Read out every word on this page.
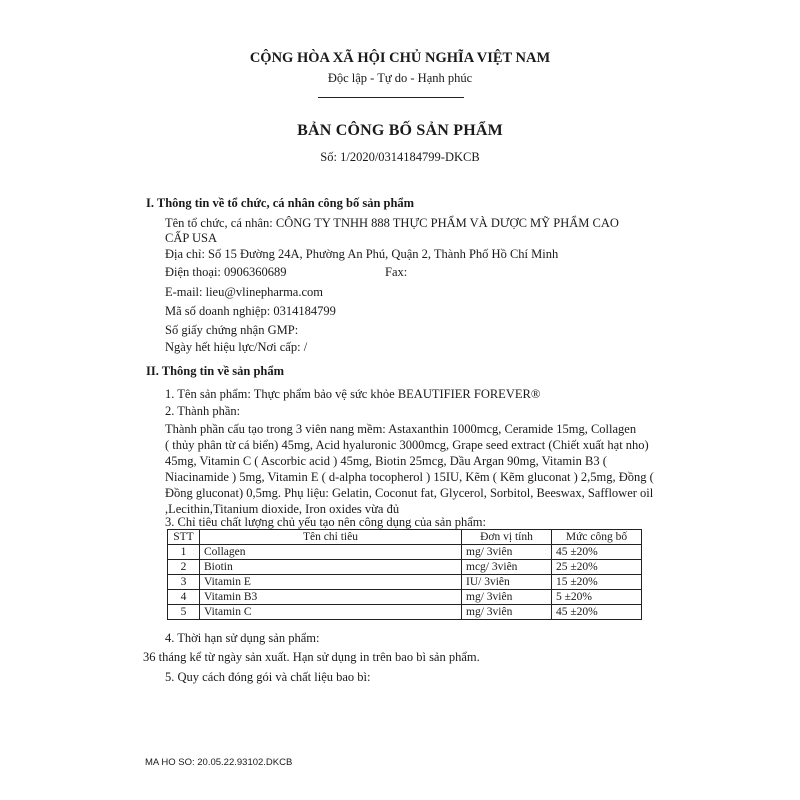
CỘNG HÒA XÃ HỘI CHỦ NGHĨA VIỆT NAM
Độc lập - Tự do - Hạnh phúc
BẢN CÔNG BỐ SẢN PHẨM
Số: 1/2020/0314184799-DKCB
I. Thông tin về tổ chức, cá nhân công bố sản phẩm
Tên tổ chức, cá nhân: CÔNG TY TNHH 888 THỰC PHẨM VÀ DƯỢC MỸ PHẨM CAO
CẤP USA
Địa chỉ: Số 15 Đường 24A, Phường An Phú, Quận 2, Thành Phố Hồ Chí Minh
Điện thoại: 0906360689	Fax:
E-mail: lieu@vlinepharma.com
Mã số doanh nghiệp: 0314184799
Số giấy chứng nhận GMP:
Ngày hết hiệu lực/Nơi cấp: /
II. Thông tin về sản phẩm
1. Tên sản phẩm: Thực phẩm bảo vệ sức khỏe BEAUTIFIER FOREVER®
2. Thành phần:
Thành phần cấu tạo trong 3 viên nang mềm: Astaxanthin 1000mcg, Ceramide 15mg, Collagen
( thủy phân từ cá biển) 45mg, Acid hyaluronic 3000mcg, Grape seed extract (Chiết xuất hạt nho)
45mg, Vitamin C ( Ascorbic acid ) 45mg, Biotin 25mcg, Dầu Argan 90mg, Vitamin B3 (
Niacinamide ) 5mg, Vitamin E ( d-alpha tocopherol ) 15IU, Kẽm ( Kẽm gluconat ) 2,5mg, Đồng (
Đồng gluconat) 0,5mg. Phụ liệu: Gelatin, Coconut fat, Glycerol, Sorbitol, Beeswax, Safflower oil
,Lecithin,Titanium dioxide, Iron oxides vừa đủ
3. Chỉ tiêu chất lượng chủ yếu tạo nên công dụng của sản phẩm:
STT	Tên chỉ tiêu	Đơn vị tính	Mức công bố
1	Collagen	mg/ 3viên	45 ±20%
2	Biotin	mcg/ 3viên	25 ±20%
3	Vitamin E	IU/ 3viên	15 ±20%
4	Vitamin B3	mg/ 3viên	5 ±20%
5	Vitamin C	mg/ 3viên	45 ±20%
4. Thời hạn sử dụng sản phẩm:
36 tháng kể từ ngày sản xuất. Hạn sử dụng in trên bao bì sản phẩm.
5. Quy cách đóng gói và chất liệu bao bì:
MA HO SO: 20.05.22.93102.DKCB
